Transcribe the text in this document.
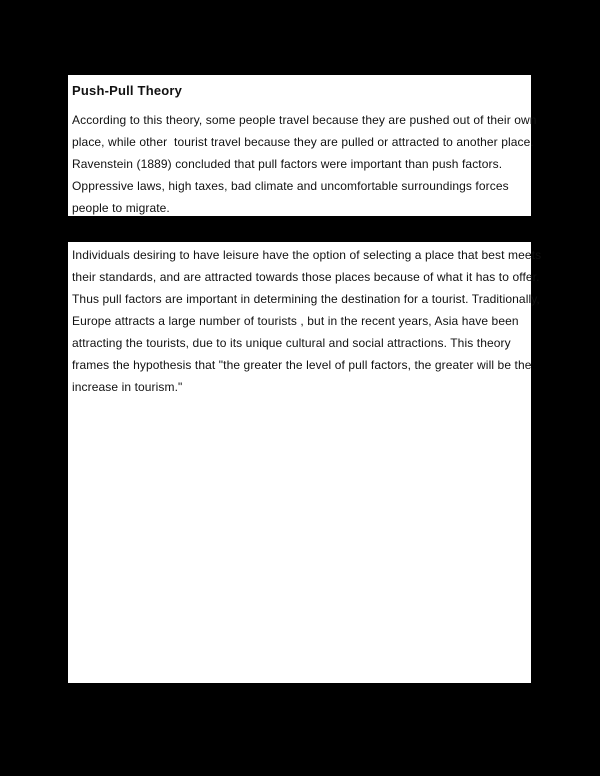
Push-Pull Theory
According to this theory, some people travel because they are pushed out of their own
place, while other  tourist travel because they are pulled or attracted to another place.
Ravenstein (1889) concluded that pull factors were important than push factors.
Oppressive laws, high taxes, bad climate and uncomfortable surroundings forces
people to migrate.
Individuals desiring to have leisure have the option of selecting a place that best meets
their standards, and are attracted towards those places because of what it has to offer.
Thus pull factors are important in determining the destination for a tourist. Traditionally,
Europe attracts a large number of tourists , but in the recent years, Asia have been
attracting the tourists, due to its unique cultural and social attractions. This theory
frames the hypothesis that "the greater the level of pull factors, the greater will be the
increase in tourism."
